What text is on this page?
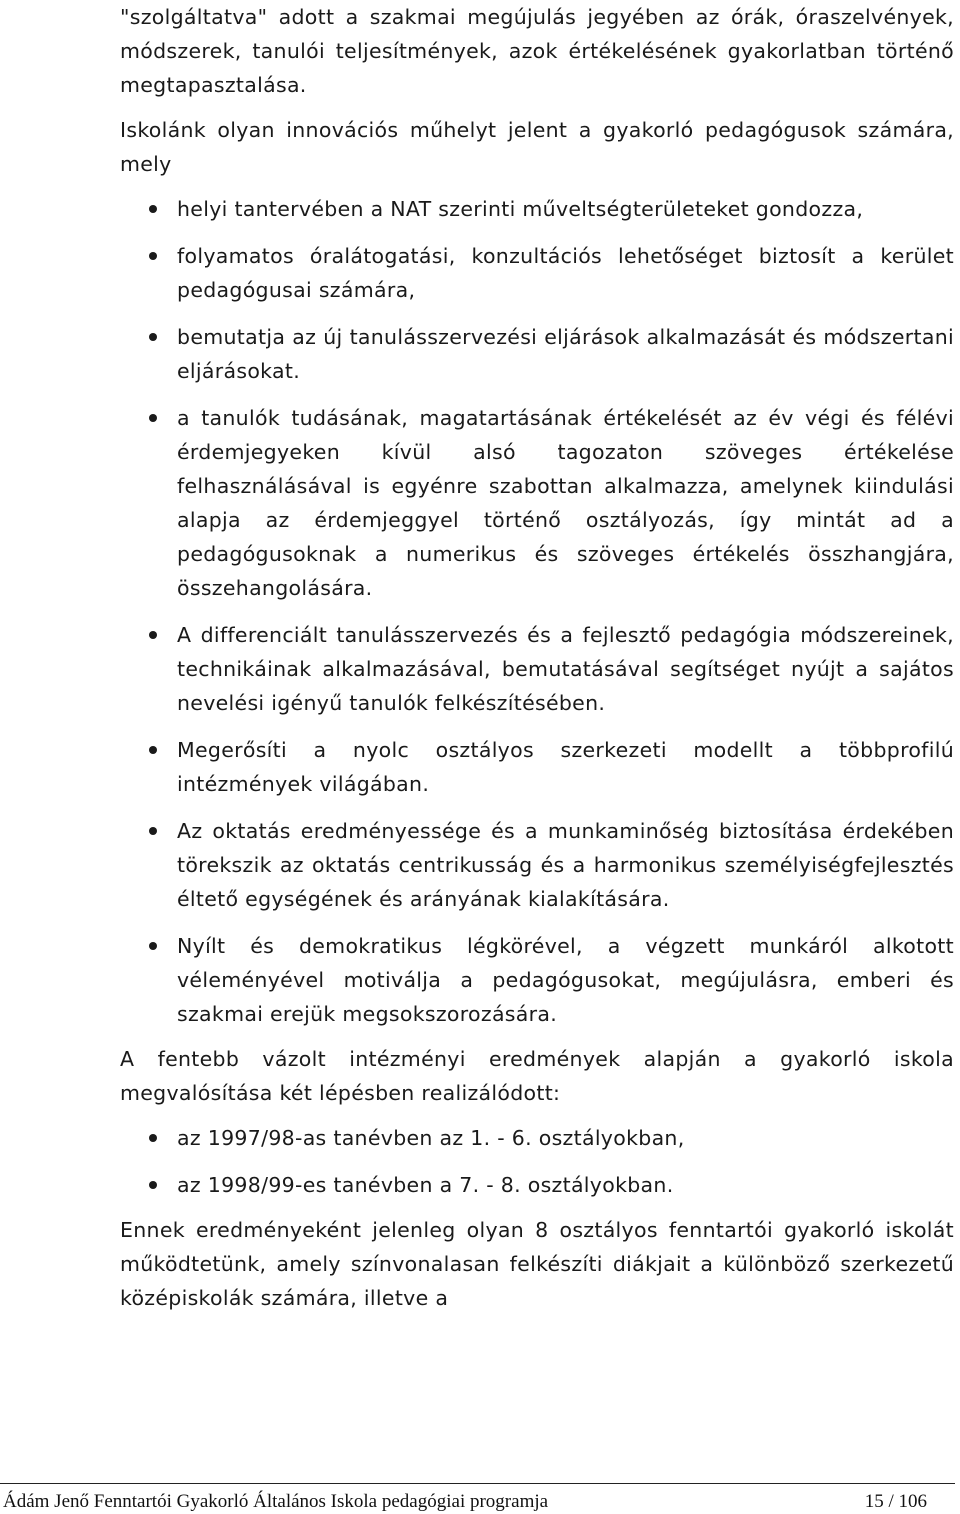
"szolgáltatva" adott a szakmai megújulás jegyében az órák, óraszelvények, módszerek, tanulói teljesítmények, azok értékelésének gyakorlatban történő megtapasztalása.

Iskolánk olyan innovációs műhelyt jelent a gyakorló pedagógusok számára, mely

helyi tantervében a NAT szerinti műveltségterületeket gondozza,
folyamatos óralátogatási, konzultációs lehetőséget biztosít a kerület pedagógusai számára,
bemutatja az új tanulásszervezési eljárások alkalmazását és módszertani eljárásokat.
a tanulók tudásának, magatartásának értékelését az év végi és félévi érdemjegyeken kívül alsó tagozaton szöveges értékelése felhasználásával is egyénre szabottan alkalmazza, amelynek kiindulási alapja az érdemjeggyel történő osztályozás, így mintát ad a pedagógusoknak a numerikus és szöveges értékelés összhangjára, összehangolására.
A differenciált tanulásszervezés és a fejlesztő pedagógia módszereinek, technikáinak alkalmazásával, bemutatásával segítséget nyújt a sajátos nevelési igényű tanulók felkészítésében.
Megerősíti a nyolc osztályos szerkezeti modellt a többprofilú intézmények világában.
Az oktatás eredményessége és a munkaminőség biztosítása érdekében törekszik az oktatás centrikusság és a harmonikus személyiségfejlesztés éltető egységének és arányának kialakítására.
Nyílt és demokratikus légkörével, a végzett munkáról alkotott véleményével motiválja a pedagógusokat, megújulásra, emberi és szakmai erejük megsokszorozására.

A fentebb vázolt intézményi eredmények alapján a gyakorló iskola megvalósítása két lépésben realizálódott:

az 1997/98-as tanévben az 1. - 6. osztályokban,
az 1998/99-es tanévben a 7. - 8. osztályokban.

Ennek eredményeként jelenleg olyan 8 osztályos fenntartói gyakorló iskolát működtetünk, amely színvonalasan felkészíti diákjait a különböző szerkezetű középiskolák számára, illetve a

Ádám Jenő Fenntartói Gyakorló Általános Iskola pedagógiai programja	15 / 106
